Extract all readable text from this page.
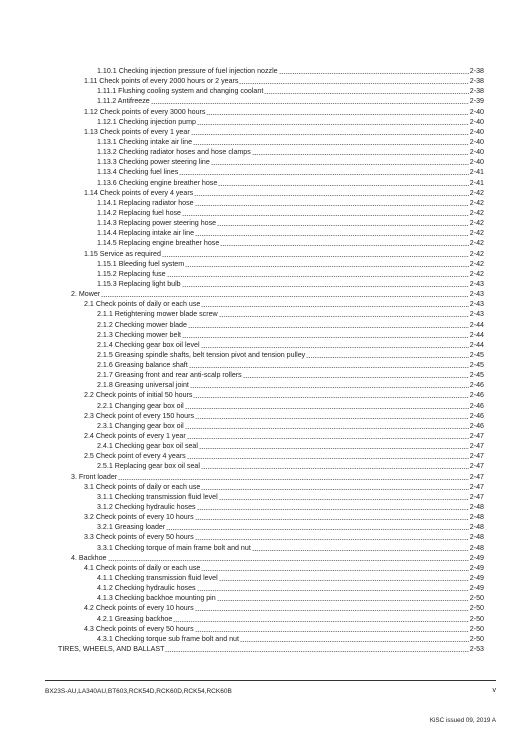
1.10.1 Checking injection pressure of fuel injection nozzle	2-38
1.11 Check points of every 2000 hours or 2 years	2-38
1.11.1 Flushing cooling system and changing coolant	2-38
1.11.2 Antifreeze	2-39
1.12 Check points of every 3000 hours	2-40
1.12.1 Checking injection pump	2-40
1.13 Check points of every 1 year	2-40
1.13.1 Checking intake air line	2-40
1.13.2 Checking radiator hoses and hose clamps	2-40
1.13.3 Checking power steering line	2-40
1.13.4 Checking fuel lines	2-41
1.13.6 Checking engine breather hose	2-41
1.14 Check points of every 4 years	2-42
1.14.1 Replacing radiator hose	2-42
1.14.2 Replacing fuel hose	2-42
1.14.3 Replacing power steering hose	2-42
1.14.4 Replacing intake air line	2-42
1.14.5 Replacing engine breather hose	2-42
1.15 Service as required	2-42
1.15.1 Bleeding fuel system	2-42
1.15.2 Replacing fuse	2-42
1.15.3 Replacing light bulb	2-43
2. Mower	2-43
2.1 Check points of daily or each use	2-43
2.1.1 Retightening mower blade screw	2-43
2.1.2 Checking mower blade	2-44
2.1.3 Checking mower belt	2-44
2.1.4 Checking gear box oil level	2-44
2.1.5 Greasing spindle shafts, belt tension pivot and tension pulley	2-45
2.1.6 Greasing balance shaft	2-45
2.1.7 Greasing front and rear anti-scalp rollers	2-45
2.1.8 Greasing universal joint	2-46
2.2 Check points of initial 50 hours	2-46
2.2.1 Changing gear box oil	2-46
2.3 Check point of every 150 hours	2-46
2.3.1 Changing gear box oil	2-46
2.4 Check points of every 1 year	2-47
2.4.1 Checking gear box oil seal	2-47
2.5 Check point of every 4 years	2-47
2.5.1 Replacing gear box oil seal	2-47
3. Front loader	2-47
3.1 Check points of daily or each use	2-47
3.1.1 Checking transmission fluid level	2-47
3.1.2 Checking hydraulic hoses	2-48
3.2 Check points of every 10 hours	2-48
3.2.1 Greasing loader	2-48
3.3 Check points of every 50 hours	2-48
3.3.1 Checking torque of main frame bolt and nut	2-48
4. Backhoe	2-49
4.1 Check points of daily or each use	2-49
4.1.1 Checking transmission fluid level	2-49
4.1.2 Checking hydraulic hoses	2-49
4.1.3 Checking backhoe mounting pin	2-50
4.2 Check points of every 10 hours	2-50
4.2.1 Greasing backhoe	2-50
4.3 Check points of every 50 hours	2-50
4.3.1 Checking torque sub frame bolt and nut	2-50
TIRES, WHEELS, AND BALLAST	2-53
BX23S-AU,LA340AU,BT603,RCK54D,RCK60D,RCK54,RCK60B	v
KiSC issued 09, 2019 A
